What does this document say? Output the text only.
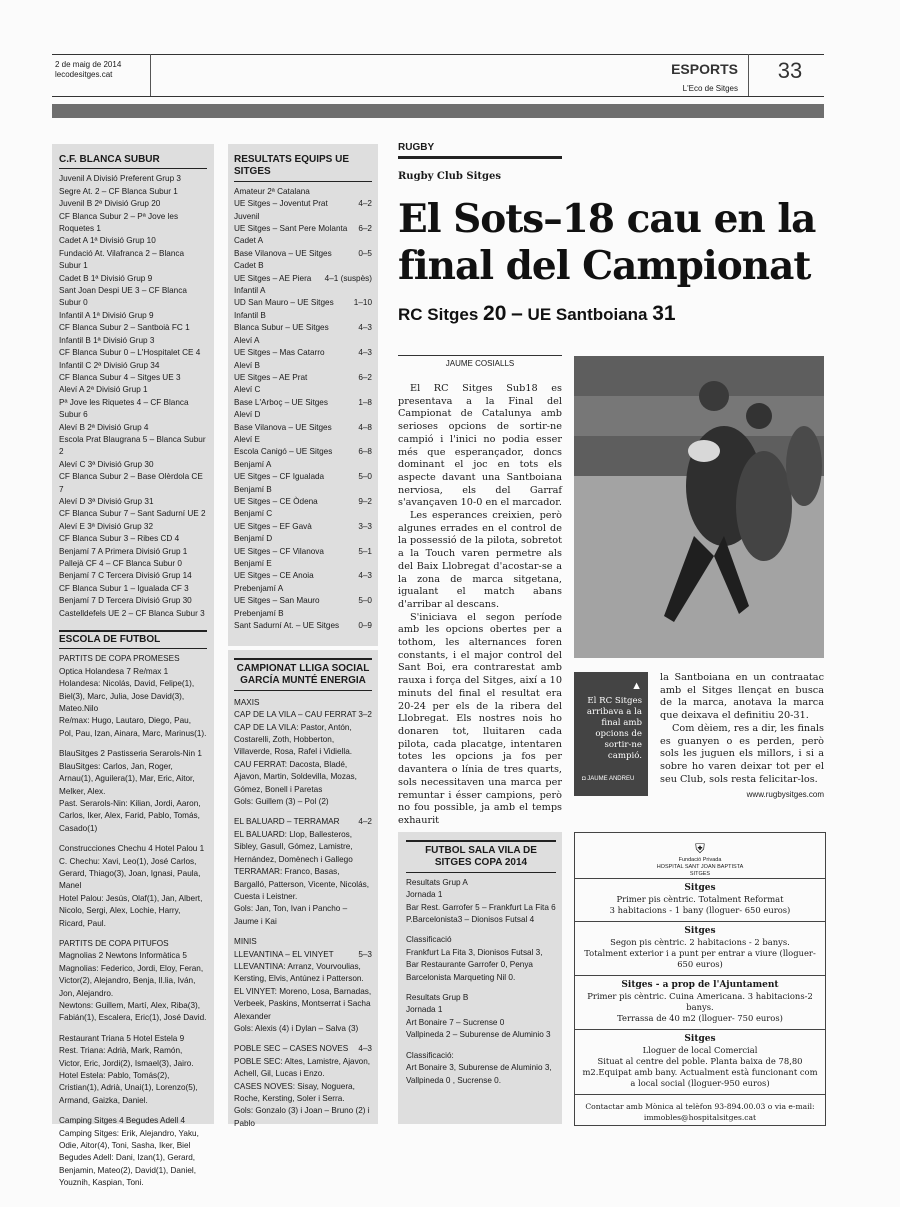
2 de maig de 2014
lecodesitges.cat	ESPORTS
L'Eco de Sitges
33
C.F. BLANCA SUBUR
Juvenil A Divisió Preferent Grup 3
Segre At. 2 – CF Blanca Subur 1
Juvenil B 2ª Divisió Grup 20
CF Blanca Subur 2 – Pª Jove les Roquetes 1
Cadet A 1ª Divisió Grup 10
Fundació At. Vilafranca 2 – Blanca Subur 1
Cadet B 1ª Divisió Grup 9
Sant Joan Despi UE 3 – CF Blanca Subur 0
Infantil A 1ª Divisió Grup 9
CF Blanca Subur 2 – Santboià FC 1
Infantil B 1ª Divisió Grup 3
CF Blanca Subur 0 – L'Hospitalet CE 4
Infantil C 2ª Divisió Grup 34
CF Blanca Subur 4 – Sitges UE 3
Aleví A 2ª Divisió Grup 1
Pª Jove les Riquetes 4 – CF Blanca Subur 6
Aleví B 2ª Divisió Grup 4
Escola Prat Blaugrana 5 – Blanca Subur 2
Aleví C 3ª Divisió Grup 30
CF Blanca Subur 2 – Base Olèrdola CE 7
Aleví D 3ª Divisió Grup 31
CF Blanca Subur 7 – Sant Sadurní UE 2
Aleví E 3ª Divisió Grup 32
CF Blanca Subur 3 – Ribes CD 4
Benjamí 7 A Primera Divisió Grup 1
Pallejà CF 4 – CF Blanca Subur 0
Benjamí 7 C Tercera Divisió Grup 14
CF Blanca Subur 1 – Igualada CF 3
Benjamí 7 D Tercera Divisió Grup 30
Castelldefels UE 2 – CF Blanca Subur 3
ESCOLA DE FUTBOL
PARTITS DE COPA PROMESES
Optica Holandesa 7 Re/max 1
Holandesa: Nicolás, David, Felipe(1), Biel(3), Marc, Julia, Jose David(3), Mateo.Nilo
Re/max: Hugo, Lautaro, Diego, Pau, Pol, Pau, Izan, Ainara, Marc, Marinus(1).
BlauSitges 2 Pastisseria Serarols-Nin 1
BlauSitges: Carlos, Jan, Roger, Arnau(1), Aguilera(1), Mar, Eric, Aitor, Melker, Alex.
Past. Serarols-Nin: Kilian, Jordi, Aaron, Carlos, Iker, Alex, Farid, Pablo, Tomás, Casado(1)
Construcciones Chechu 4 Hotel Palou 1
C. Chechu: Xavi, Leo(1), José Carlos, Gerard, Thiago(3), Joan, Ignasi, Paula, Manel
Hotel Palou: Jesús, Olaf(1), Jan, Albert, Nicolo, Sergi, Alex, Lochie, Harry, Ricard, Paul.
PARTITS DE COPA PITUFOS
Magnolias 2 Newtons Informàtica 5
Magnolias: Federico, Jordi, Eloy, Feran, Victor(2), Alejandro, Benja, Il.lia, Iván, Jon, Alejandro.
Newtons: Guillem, Martí, Alex, Riba(3), Fabián(1), Escalera, Eric(1), José David.
Restaurant Triana 5 Hotel Estela 9
Rest. Triana: Adrià, Mark, Ramón, Victor, Eric, Jordi(2), Ismael(3), Jairo.
Hotel Estela: Pablo, Tomás(2), Cristian(1), Adrià, Unai(1), Lorenzo(5), Armand, Gaizka, Daniel.
Camping Sitges 4 Begudes Adell 4
Camping Sitges: Erik, Alejandro, Yaku, Odie, Aitor(4), Toni, Sasha, Iker, Biel
Begudes Adell: Dani, Izan(1), Gerard, Benjamin, Mateo(2), David(1), Daniel, Youznih, Kaspian, Toni.
RESULTATS EQUIPS UE SITGES
Amateur 2ª Catalana
UE Sitges – Joventut Prat	4–2
Juvenil
UE Sitges – Sant Pere Molanta 6–2
Cadet A
Base Vilanova – UE Sitges	0–5
Cadet B
UE Sitges – AE Piera 4–1 (suspès)
Infantil A
UD San Mauro – UE Sitges 1–10
Infantil B
Blanca Subur – UE Sitges	4–3
Aleví A
UE Sitges – Mas Catarro	4–3
Aleví B
UE Sitges – AE Prat	6–2
Aleví C
Base L'Arboç – UE Sitges	1–8
Aleví D
Base Vilanova – UE Sitges	4–8
Aleví E
Escola Canigó – UE Sitges	6–8
Benjamí A
UE Sitges – CF Igualada	5–0
Benjamí B
UE Sitges – CE Òdena	9–2
Benjamí C
UE Sitges – EF Gavà	3–3
Benjamí D
UE Sitges – CF Vilanova	5–1
Benjamí E
UE Sitges – CE Anoia	4–3
Prebenjamí A
UE Sitges – San Mauro	5–0
Prebenjamí B
Sant Sadurní At. – UE Sitges 0–9
CAMPIONAT LLIGA SOCIAL GARCÍA MUNTÉ ENERGIA
MAXIS
CAP DE LA VILA – CAU FERRAT 3–2
CAP DE LA VILA: Pastor, Antón, Costarelli, Zoth, Hobberton, Villaverde, Rosa, Rafel i Vidiella.
CAU FERRAT: Dacosta, Bladé, Ajavon, Martin, Soldevilla, Mozas, Gómez, Bonell i Paretas
Gols: Guillem (3) – Pol (2)
EL BALUARD – TERRAMAR 4–2
EL BALUARD: Llop, Ballesteros, Sibley, Gasull, Gómez, Lamistre, Hernández, Domènech i Gallego
TERRAMAR: Franco, Basas, Bargalló, Patterson, Vicente, Nicolás, Cuesta i Leistner.
Gols: Jan, Ton, Ivan i Pancho – Jaume i Kai
MINIS
LLEVANTINA – EL VINYET	5–3
LLEVANTINA: Arranz, Vourvoulias, Kersting, Elvis, Antúnez i Patterson.
EL VINYET: Moreno, Losa, Barnadas, Verbeek, Paskins, Montserrat i Sacha Alexander
Gols: Alexis (4) i Dylan – Salva (3)
POBLE SEC – CASES NOVES 4–3
POBLE SEC: Altes, Lamistre, Ajavon, Achell, Gil, Lucas i Enzo.
CASES NOVES: Sisay, Noguera, Roche, Kersting, Soler i Serra.
Gols: Gonzalo (3) i Joan – Bruno (2) i Pablo
RUGBY
Rugby Club Sitges
El Sots–18 cau en la
final del Campionat
RC Sitges 20 – UE Santboiana 31
JAUME COSIALLS

El RC Sitges Sub18 es presentava a la Final del Campionat de Catalunya amb serioses opcions de sortir-ne campió i l'inici no podia esser més que esperançador, doncs dominant el joc en tots els aspecte davant una Santboiana nerviosa, els del Garraf s'avançaven 10-0 en el marcador.

Les esperances creixien, però algunes errades en el control de la possessió de la pilota, sobretot a la Touch varen permetre als del Baix Llobregat d'acostar-se a la zona de marca sitgetana, igualant el match abans d'arribar al descans.

S'iniciava el segon període amb les opcions obertes per a tothom, les alternances foren constants, i el major control del Sant Boi, era contrarestat amb rauxa i força del Sitges, així a 10 minuts del final el resultat era 20-24 per els de la ribera del Llobregat. Els nostres nois ho donaren tot, lluitaren cada pilota, cada placatge, intentaren totes les opcions ja fos per davantera o línia de tres quarts, sols necessitaven una marca per remuntar i ésser campions, però no fou possible, ja amb el temps exhaurit

▲
El RC Sitges arribava a la final amb opcions de sortir-ne campió.
◘ JAUME ANDREU

la Santboiana en un contraatac amb el Sitges llençat en busca de la marca, anotava la marca que deixava el definitiu 20-31.

Com dèiem, res a dir, les finals es guanyen o es perden, però sols les juguen els millors, i si a sobre ho varen deixar tot per el seu Club, sols resta felicitar-los.

www.rugbysitges.com
FUTBOL SALA VILA DE SITGES COPA 2014
Resultats Grup A
Jornada 1
Bar Rest. Garrofer 5 – Frankfurt La Fita 6
P.Barcelonista3 – Dionisos Futsal 4
Classificació
Frankfurt La Fita 3, Dionisos Futsal 3, Bar Restaurante Garrofer 0, Penya Barcelonista Marqueting Nil 0.
Resultats Grup B
Jornada 1
Art Bonaire 7 – Sucrense 0
Vallpineda 2 – Suburense de Aluminio 3
Classificació:
Art Bonaire 3, Suburense de Aluminio 3, Vallpineda 0 , Sucrense 0.
⛨
Fundació Privada
HOSPITAL SANT JOAN BAPTISTA
SITGES
Sitges
Primer pis cèntric. Totalment Reformat
3 habitacions - 1 bany (lloguer- 650 euros)
Sitges
Segon pis cèntric. 2 habitacions - 2 banys.
Totalment exterior i a punt per entrar a viure (lloguer- 650 euros)
Sitges - a prop de l'Ajuntament
Primer pis cèntric. Cuina Americana. 3 habitacions-2 banys.
Terrassa de 40 m2 (lloguer- 750 euros)
Sitges
Lloguer de local Comercial
Situat al centre del poble. Planta baixa de 78,80 m2.Equipat amb bany. Actualment està funcionant com a local social (lloguer-950 euros)
Contactar amb Mònica al telèfon 93-894.00.03 o via e-mail: immobles@hospitalsitges.cat
